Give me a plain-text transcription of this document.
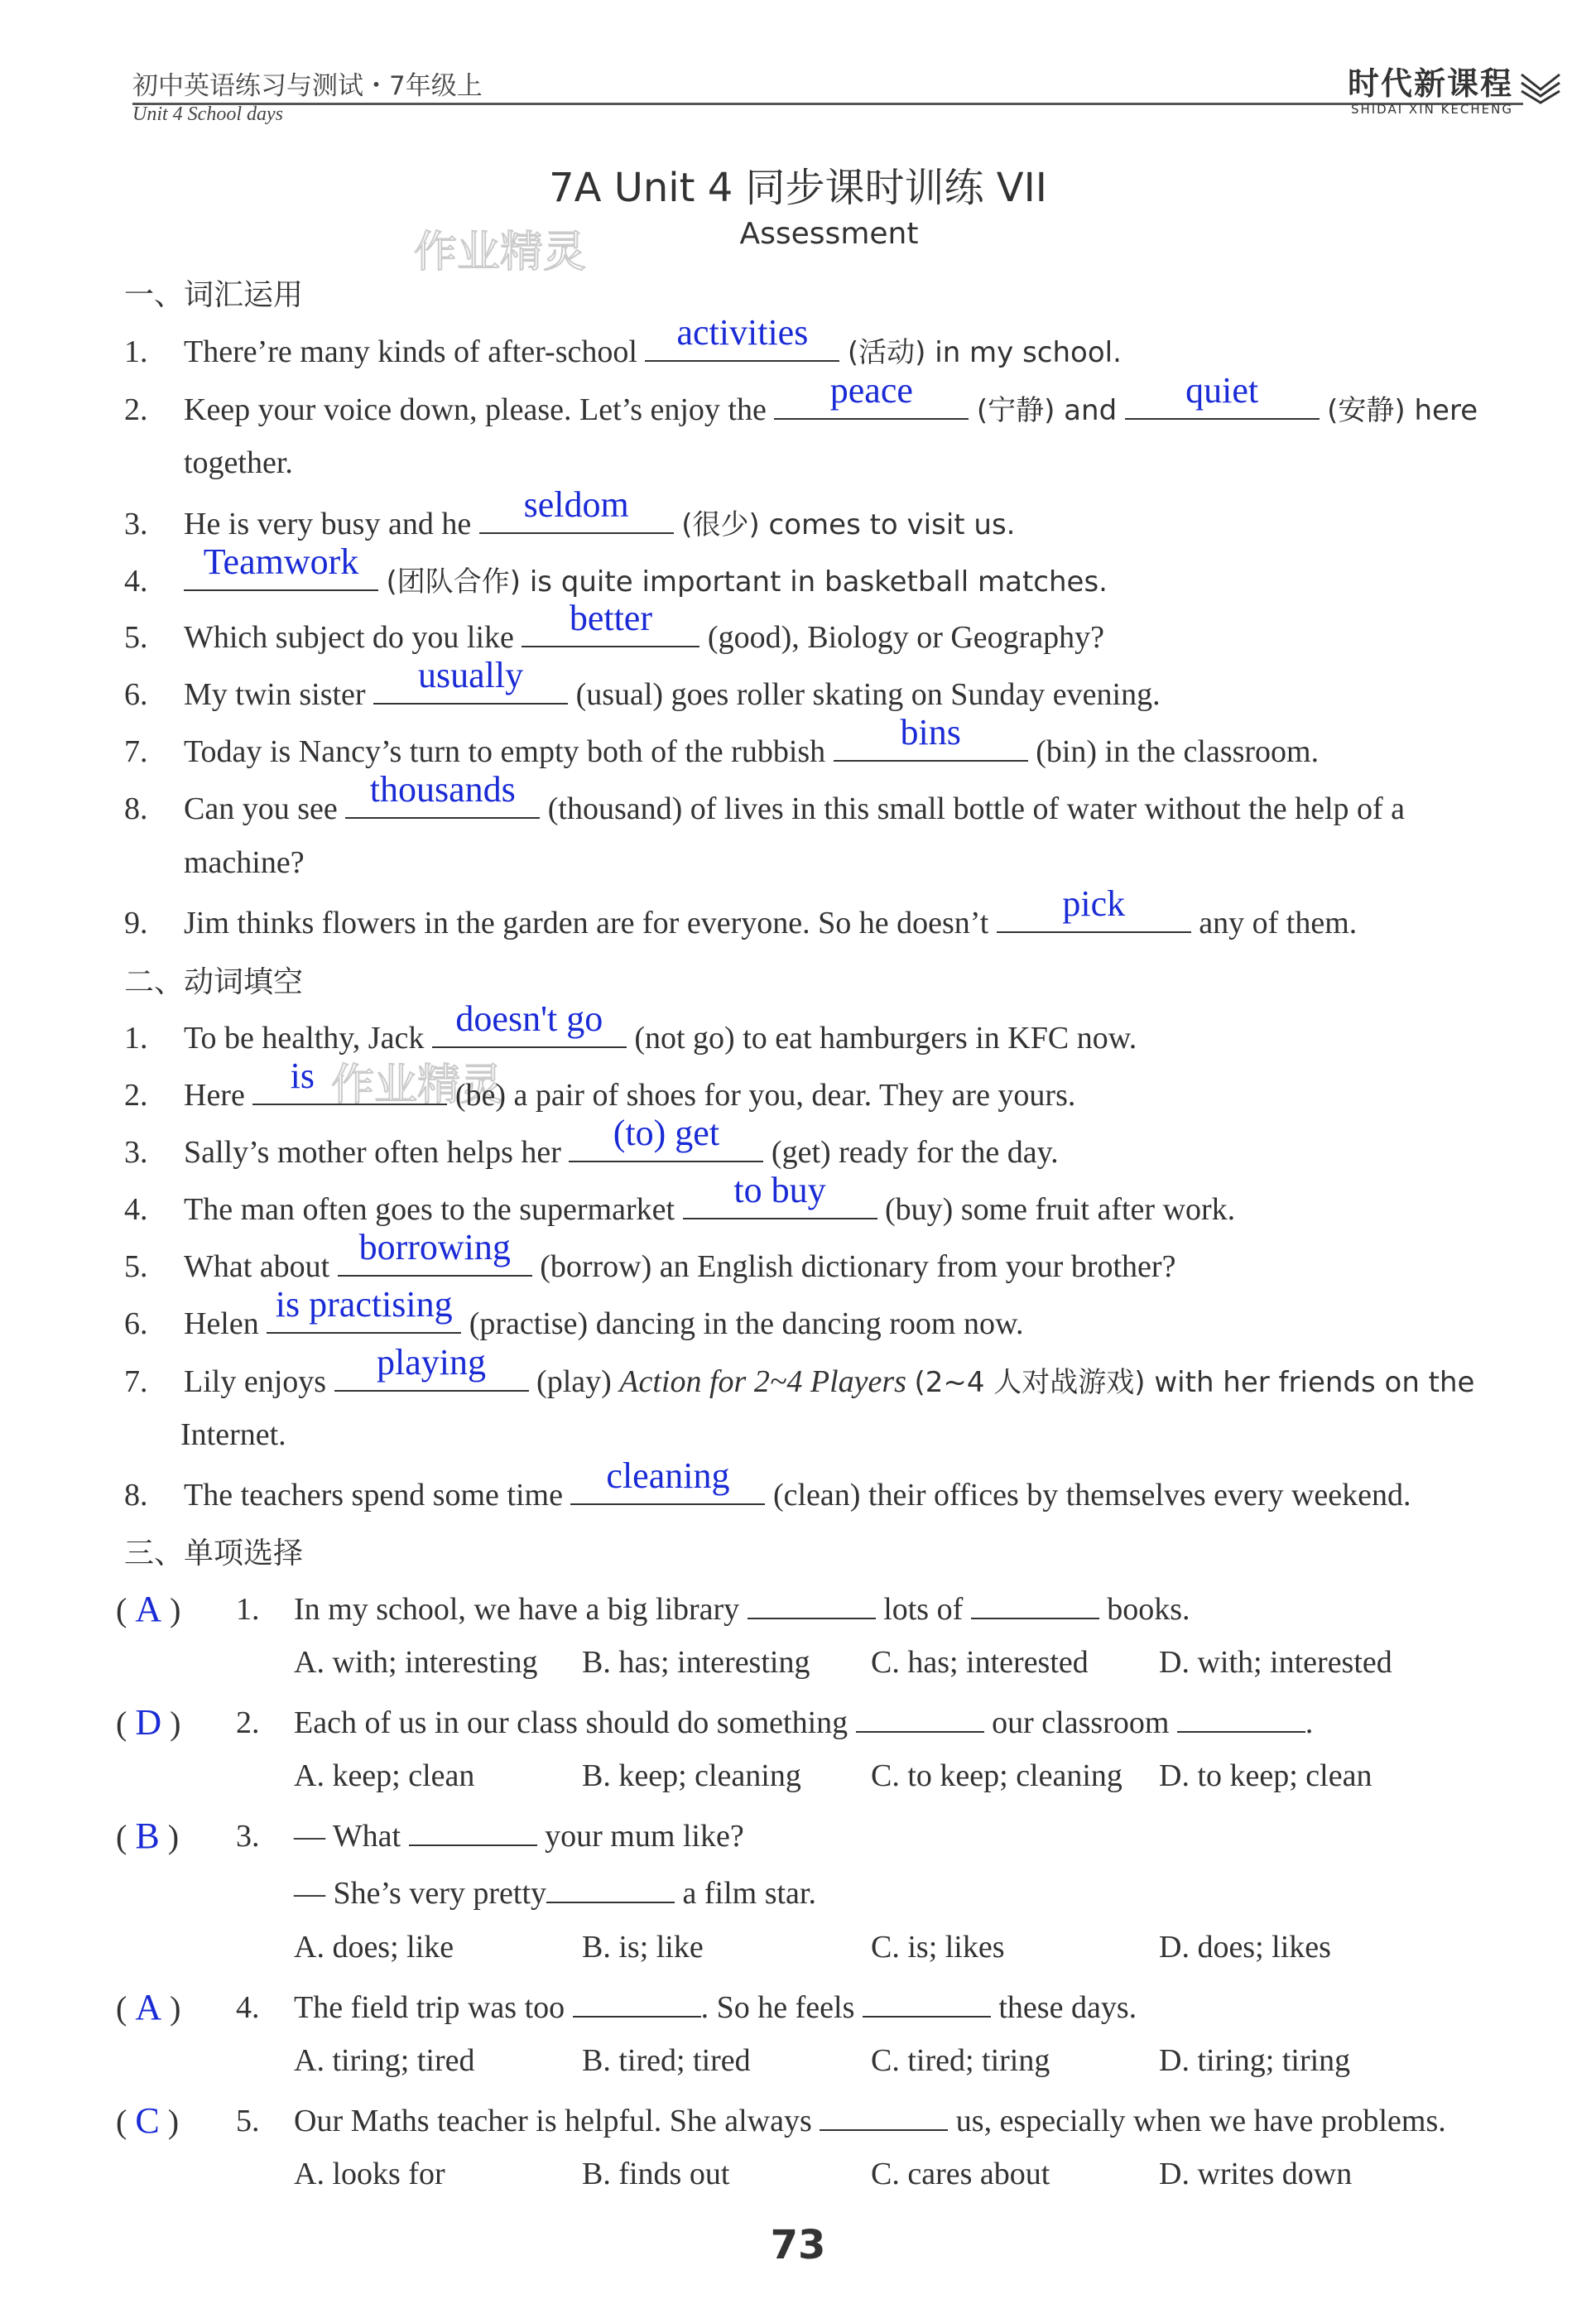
初中英语练习与测试・7年级上
Unit 4 School days
时代新课程
SHIDAI XIN KECHENG
7A Unit 4 同步课时训练 VII
Assessment
作业精灵
作业精灵
一、词汇运用
1. There’re many kinds of after-school	activities	(活动) in my school.
2. Keep your voice down, please. Let’s enjoy the	peace	(宁静) and	quiet	(安静) here
together.
3. He is very busy and he	seldom	(很少) comes to visit us.
4.	Teamwork (团队合作) is quite important in basketball matches.
5. Which subject do you like	better	(good), Biology or Geography?
6. My twin sister	usually	(usual) goes roller skating on Sunday evening.
7. Today is Nancy’s turn to empty both of the rubbish	bins	(bin) in the classroom.
8. Can you see thousands	(thousand) of lives in this small bottle of water without the help of a
machine?
9. Jim thinks flowers in the garden are for everyone. So he doesn’t	pick	any of them.
二、动词填空
1. To be healthy, Jack doesn't go	(not go) to eat hamburgers in KFC now.
2. Here	is	(be) a pair of shoes for you, dear. They are yours.
3. Sally’s mother often helps her	(to) get	(get) ready for the day.
4. The man often goes to the supermarket	to buy	(buy) some fruit after work.
5. What about borrowing (borrow) an English dictionary from your brother?
6. Helen is practising (practise) dancing in the dancing room now.
7. Lily enjoys	playing	(play) Action for 2~4 Players (2~4 人对战游戏) with her friends on the
Internet.
8. The teachers spend some time	cleaning	(clean) their offices by themselves every weekend.
三、单项选择
( A ) 1. In my school, we have a big library	lots of	books.
A. with; interesting B. has; interesting C. has; interested D. with; interested
( D ) 2. Each of us in our class should do something	our classroom	.
A. keep; clean	B. keep; cleaning C. to keep; cleaning D. to keep; clean
( B ) 3. — What	your mum like?
— She’s very pretty	a film star.
A. does; like	B. is; like	C. is; likes	D. does; likes
( A ) 4. The field trip was too	. So he feels	these days.
A. tiring; tired	B. tired; tired	C. tired; tiring	D. tiring; tiring
( C ) 5. Our Maths teacher is helpful. She always	us, especially when we have problems.
A. looks for	B. finds out	C. cares about	D. writes down
73
